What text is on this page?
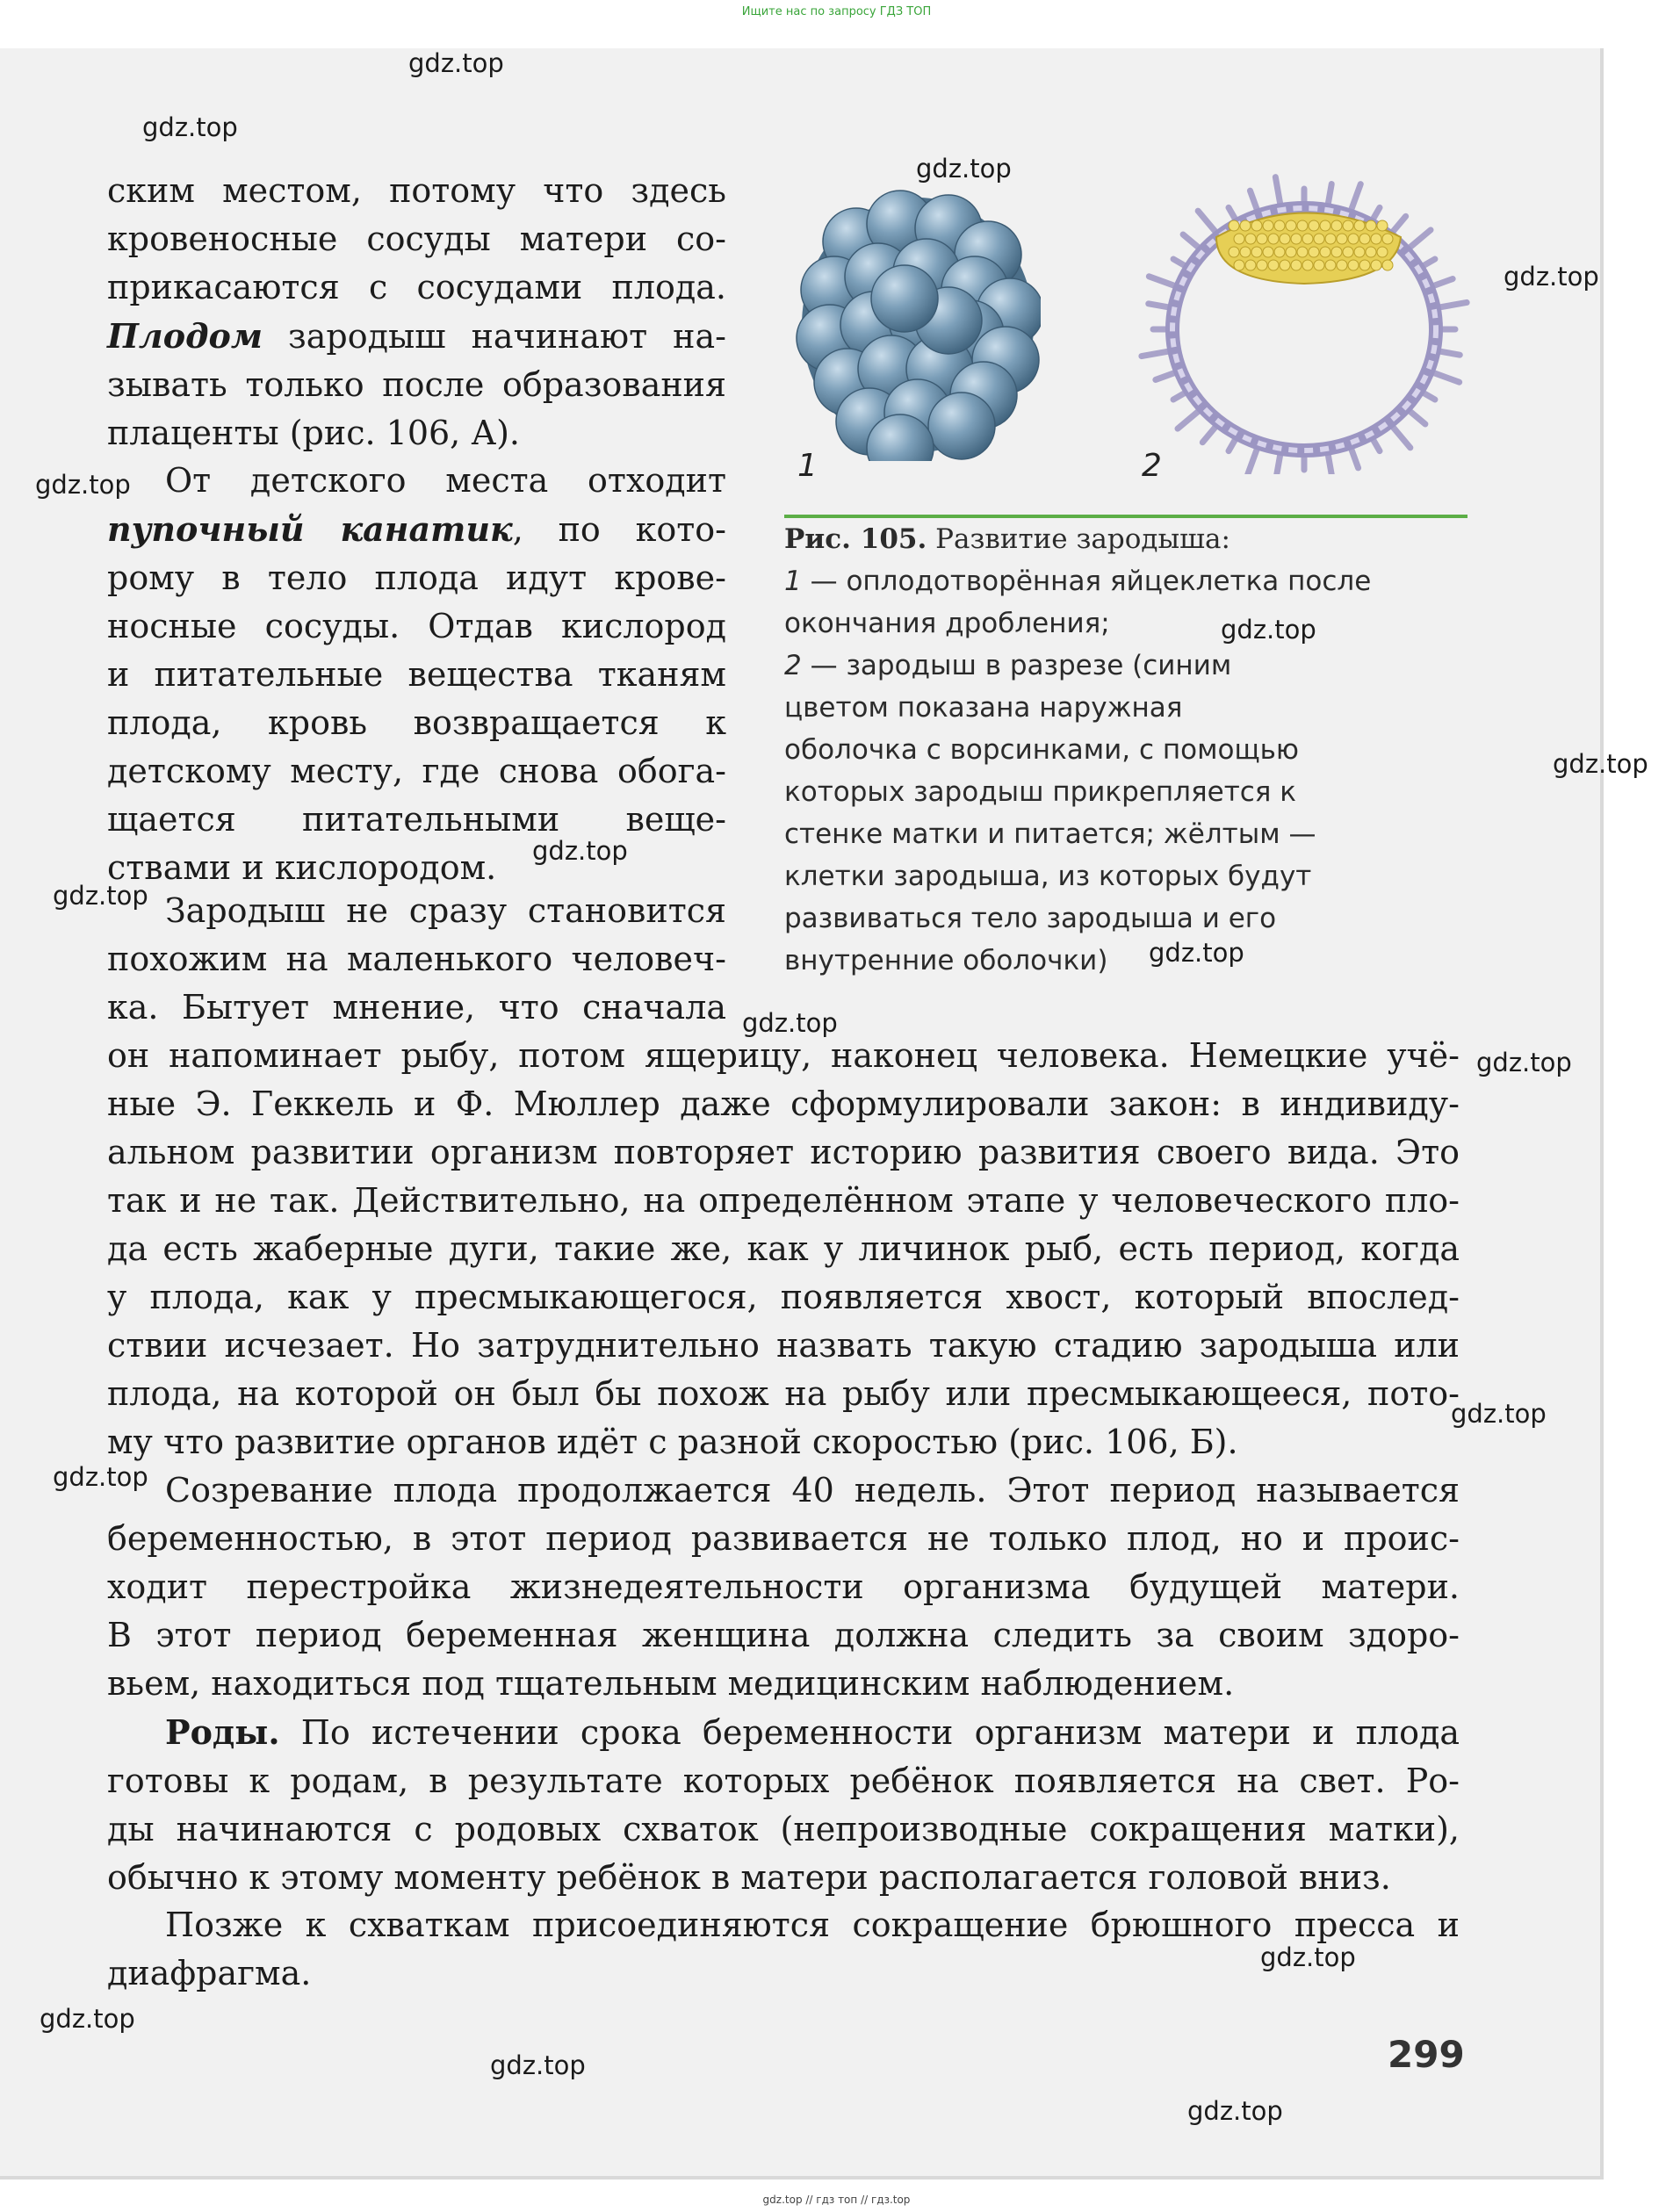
Ищите нас по запросу ГДЗ ТОП

ским местом, потому что здесь
кровеносные сосуды матери со-
прикасаются с сосудами плода.
Плодом зародыш начинают на-
зывать только после образования
плаценты (рис. 106, А).

От детского места отходит
пупочный канатик, по кото-
рому в тело плода идут крове-
носные сосуды. Отдав кислород
и питательные вещества тканям
плода, кровь возвращается к
детскому месту, где снова обога-
щается питательными веще-
ствами и кислородом.

Зародыш не сразу становится
похожим на маленького человеч-
ка. Бытует мнение, что сначала

он напоминает рыбу, потом ящерицу, наконец человека. Немецкие учё-
ные Э. Геккель и Ф. Мюллер даже сформулировали закон: в индивиду-
альном развитии организм повторяет историю развития своего вида. Это
так и не так. Действительно, на определённом этапе у человеческого пло-
да есть жаберные дуги, такие же, как у личинок рыб, есть период, когда
у плода, как у пресмыкающегося, появляется хвост, который впослед-
ствии исчезает. Но затруднительно назвать такую стадию зародыша или
плода, на которой он был бы похож на рыбу или пресмыкающееся, пото-
му что развитие органов идёт с разной скоростью (рис. 106, Б).

Созревание плода продолжается 40 недель. Этот период называется
беременностью, в этот период развивается не только плод, но и проис-
ходит перестройка жизнедеятельности организма будущей матери.
В этот период беременная женщина должна следить за своим здоро-
вьем, находиться под тщательным медицинским наблюдением.

Роды. По истечении срока беременности организм матери и плода
готовы к родам, в результате которых ребёнок появляется на свет. Ро-
ды начинаются с родовых схваток (непроизводные сокращения матки),
обычно к этому моменту ребёнок в матери располагается головой вниз.

Позже к схваткам присоединяются сокращение брюшного пресса и
диафрагма.

1	2

Рис. 105. Развитие зародыша:
1 — оплодотворённая яйцеклетка после
окончания дробления;
2 — зародыш в разрезе (синим
цветом показана наружная
оболочка с ворсинками, с помощью
которых зародыш прикрепляется к
стенке матки и питается; жёлтым —
клетки зародыша, из которых будут
развиваться тело зародыша и его
внутренние оболочки)

299
gdz.top
gdz.top
gdz.top
gdz.top
gdz.top
gdz.top
gdz.top
gdz.top
gdz.top
gdz.top
gdz.top
gdz.top
gdz.top
gdz.top
gdz.top
gdz.top
gdz.top
gdz.top
gdz.top // гдз топ // гдз.top
